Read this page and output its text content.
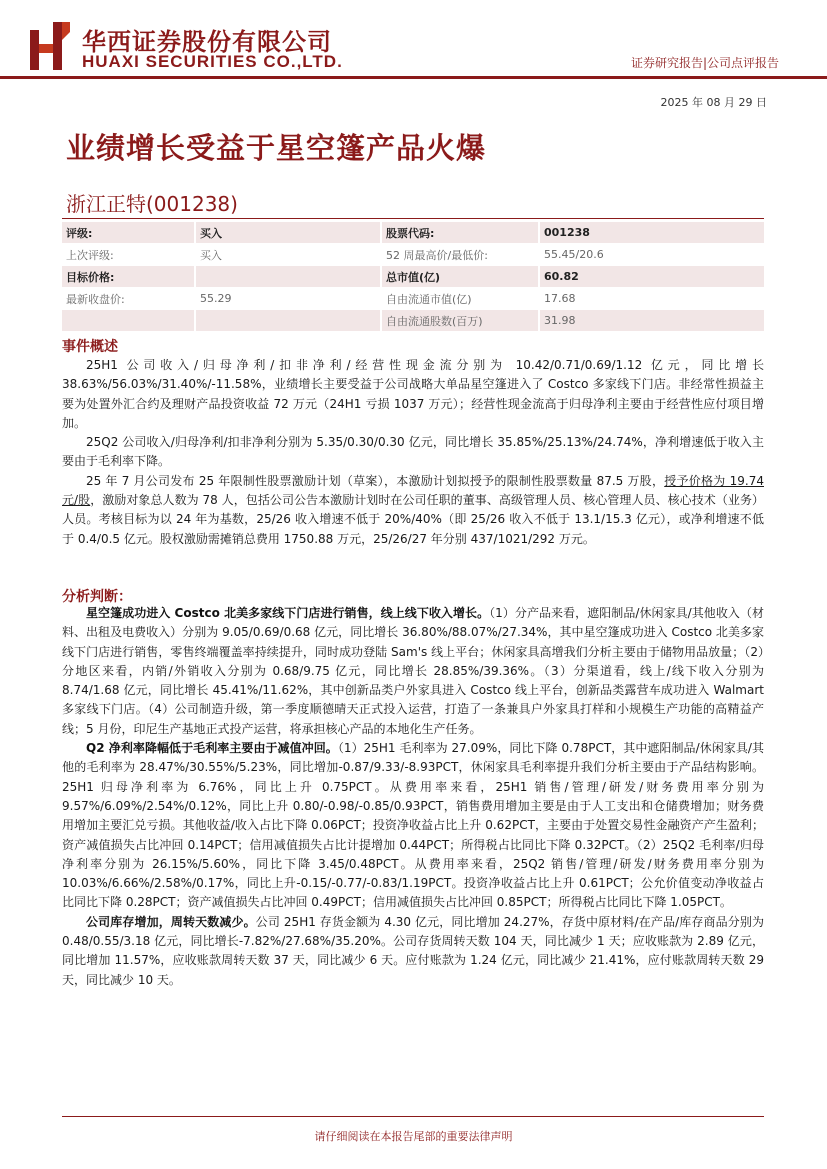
华西证券股份有限公司
HUAXI SECURITIES CO.,LTD.	证券研究报告|公司点评报告
2025 年 08 月 29 日
业绩增长受益于星空篷产品火爆
浙江正特(001238)
评级:	买入	股票代码:	001238
上次评级:	买入	52 周最高价/最低价:	55.45/20.6
目标价格:		总市值(亿)	60.82
最新收盘价:	55.29	自由流通市值(亿)	17.68
		自由流通股数(百万)	31.98
事件概述

25H1 公司收入/归母净利/扣非净利/经营性现金流分别为 10.42/0.71/0.69/1.12 亿元，同比增长 38.63%/56.03%/31.40%/-11.58%，业绩增长主要受益于公司战略大单品星空篷进入了 Costco 多家线下门店。非经常性损益主要为处置外汇合约及理财产品投资收益 72 万元（24H1 亏损 1037 万元）；经营性现金流高于归母净利主要由于经营性应付项目增加。

25Q2 公司收入/归母净利/扣非净利分别为 5.35/0.30/0.30 亿元，同比增长 35.85%/25.13%/24.74%，净利增速低于收入主要由于毛利率下降。

25 年 7 月公司发布 25 年限制性股票激励计划（草案），本激励计划拟授予的限制性股票数量 87.5 万股，授予价格为 19.74 元/股，激励对象总人数为 78 人，包括公司公告本激励计划时在公司任职的董事、高级管理人员、核心管理人员、核心技术（业务）人员。考核目标为以 24 年为基数，25/26 收入增速不低于 20%/40%（即 25/26 收入不低于 13.1/15.3 亿元），或净利增速不低于 0.4/0.5 亿元。股权激励需摊销总费用 1750.88 万元，25/26/27 年分别 437/1021/292 万元。

分析判断：

星空篷成功进入 Costco 北美多家线下门店进行销售，线上线下收入增长。（1）分产品来看，遮阳制品/休闲家具/其他收入（材料、出租及电费收入）分别为 9.05/0.69/0.68 亿元，同比增长 36.80%/88.07%/27.34%，其中星空篷成功进入 Costco 北美多家线下门店进行销售，零售终端覆盖率持续提升，同时成功登陆 Sam's 线上平台；休闲家具高增我们分析主要由于储物用品放量；（2）分地区来看，内销/外销收入分别为 0.68/9.75 亿元，同比增长 28.85%/39.36%。（3）分渠道看，线上/线下收入分别为 8.74/1.68 亿元，同比增长 45.41%/11.62%，其中创新品类户外家具进入 Costco 线上平台，创新品类露营车成功进入 Walmart 多家线下门店。（4）公司制造升级，第一季度顺德晴天正式投入运营，打造了一条兼具户外家具打样和小规模生产功能的高精益产线；5 月份，印尼生产基地正式投产运营，将承担核心产品的本地化生产任务。

Q2 净利率降幅低于毛利率主要由于减值冲回。（1）25H1 毛利率为 27.09%，同比下降 0.78PCT，其中遮阳制品/休闲家具/其他的毛利率为 28.47%/30.55%/5.23%，同比增加-0.87/9.33/-8.93PCT，休闲家具毛利率提升我们分析主要由于产品结构影响。25H1 归母净利率为 6.76%，同比上升 0.75PCT。从费用率来看，25H1 销售/管理/研发/财务费用率分别为 9.57%/6.09%/2.54%/0.12%，同比上升 0.80/-0.98/-0.85/0.93PCT，销售费用增加主要是由于人工支出和仓储费增加；财务费用增加主要汇兑亏损。其他收益/收入占比下降 0.06PCT；投资净收益占比上升 0.62PCT，主要由于处置交易性金融资产产生盈利；资产减值损失占比冲回 0.14PCT；信用减值损失占比计提增加 0.44PCT；所得税占比同比下降 0.32PCT。（2）25Q2 毛利率/归母净利率分别为 26.15%/5.60%，同比下降 3.45/0.48PCT。从费用率来看，25Q2 销售/管理/研发/财务费用率分别为 10.03%/6.66%/2.58%/0.17%，同比上升-0.15/-0.77/-0.83/1.19PCT。投资净收益占比上升 0.61PCT；公允价值变动净收益占比同比下降 0.28PCT；资产减值损失占比冲回 0.49PCT；信用减值损失占比冲回 0.85PCT；所得税占比同比下降 1.05PCT。

公司库存增加，周转天数减少。公司 25H1 存货金额为 4.30 亿元，同比增加 24.27%，存货中原材料/在产品/库存商品分别为 0.48/0.55/3.18 亿元，同比增长-7.82%/27.68%/35.20%。公司存货周转天数 104 天，同比减少 1 天；应收账款为 2.89 亿元，同比增加 11.57%，应收账款周转天数 37 天，同比减少 6 天。应付账款为 1.24 亿元，同比减少 21.41%，应付账款周转天数 29 天，同比减少 10 天。

请仔细阅读在本报告尾部的重要法律声明
